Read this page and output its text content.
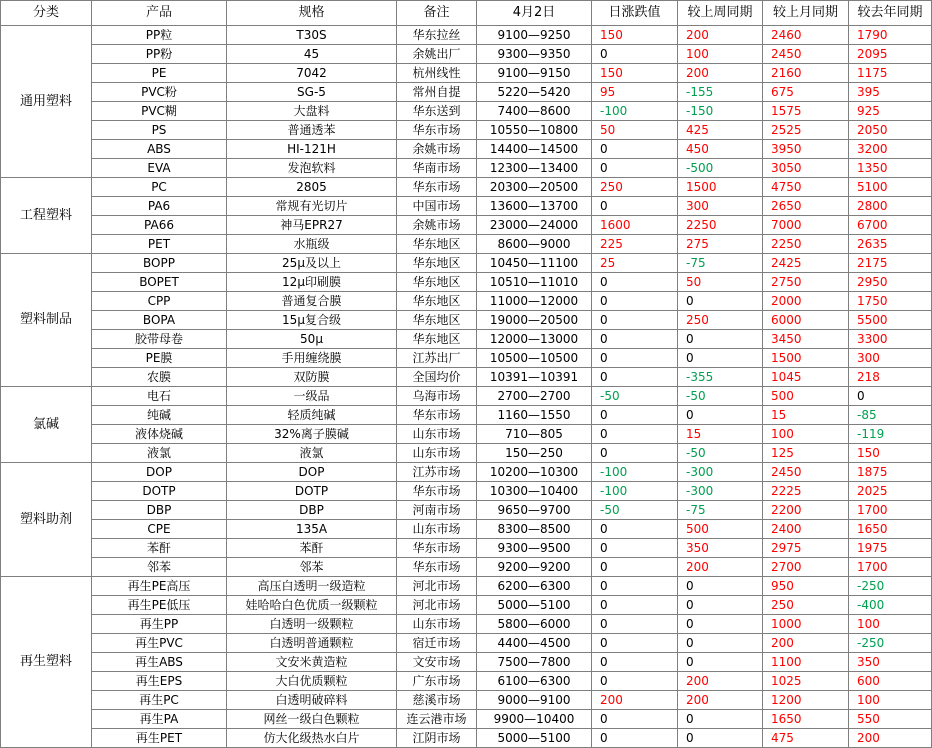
分类	产品	规格	备注	4月2日	日涨跌值	较上周同期	较上月同期	较去年同期
通用塑料	PP粒	T30S	华东拉丝	9100—9250	150	200	2460	1790
	PP粉	45	余姚出厂	9300—9350	0	100	2450	2095
	PE	7042	杭州线性	9100—9150	150	200	2160	1175
	PVC粉	SG-5	常州自提	5220—5420	95	-155	675	395
	PVC糊	大盘料	华东送到	7400—8600	-100	-150	1575	925
	PS	普通透苯	华东市场	10550—10800	50	425	2525	2050
	ABS	HI-121H	余姚市场	14400—14500	0	450	3950	3200
	EVA	发泡软料	华南市场	12300—13400	0	-500	3050	1350
工程塑料	PC	2805	华东市场	20300—20500	250	1500	4750	5100
	PA6	常规有光切片	中国市场	13600—13700	0	300	2650	2800
	PA66	神马EPR27	余姚市场	23000—24000	1600	2250	7000	6700
	PET	水瓶级	华东地区	8600—9000	225	275	2250	2635
塑料制品	BOPP	25μ及以上	华东地区	10450—11100	25	-75	2425	2175
	BOPET	12μ印刷膜	华东地区	10510—11010	0	50	2750	2950
	CPP	普通复合膜	华东地区	11000—12000	0	0	2000	1750
	BOPA	15μ复合级	华东地区	19000—20500	0	250	6000	5500
	胶带母卷	50μ	华东地区	12000—13000	0	0	3450	3300
	PE膜	手用缠绕膜	江苏出厂	10500—10500	0	0	1500	300
	农膜	双防膜	全国均价	10391—10391	0	-355	1045	218
氯碱	电石	一级品	乌海市场	2700—2700	-50	-50	500	0
	纯碱	轻质纯碱	华东市场	1160—1550	0	0	15	-85
	液体烧碱	32%离子膜碱	山东市场	710—805	0	15	100	-119
	液氯	液氯	山东市场	150—250	0	-50	125	150
塑料助剂	DOP	DOP	江苏市场	10200—10300	-100	-300	2450	1875
	DOTP	DOTP	华东市场	10300—10400	-100	-300	2225	2025
	DBP	DBP	河南市场	9650—9700	-50	-75	2200	1700
	CPE	135A	山东市场	8300—8500	0	500	2400	1650
	苯酐	苯酐	华东市场	9300—9500	0	350	2975	1975
	邻苯	邻苯	华东市场	9200—9200	0	200	2700	1700
再生塑料	再生PE高压	高压白透明一级造粒	河北市场	6200—6300	0	0	950	-250
	再生PE低压	娃哈哈白色优质一级颗粒	河北市场	5000—5100	0	0	250	-400
	再生PP	白透明一级颗粒	山东市场	5800—6000	0	0	1000	100
	再生PVC	白透明普通颗粒	宿迁市场	4400—4500	0	0	200	-250
	再生ABS	文安米黄造粒	文安市场	7500—7800	0	0	1100	350
	再生EPS	大白优质颗粒	广东市场	6100—6300	0	200	1025	600
	再生PC	白透明破碎料	慈溪市场	9000—9100	200	200	1200	100
	再生PA	网丝一级白色颗粒	连云港市场	9900—10400	0	0	1650	550
	再生PET	仿大化级热水白片	江阴市场	5000—5100	0	0	475	200
